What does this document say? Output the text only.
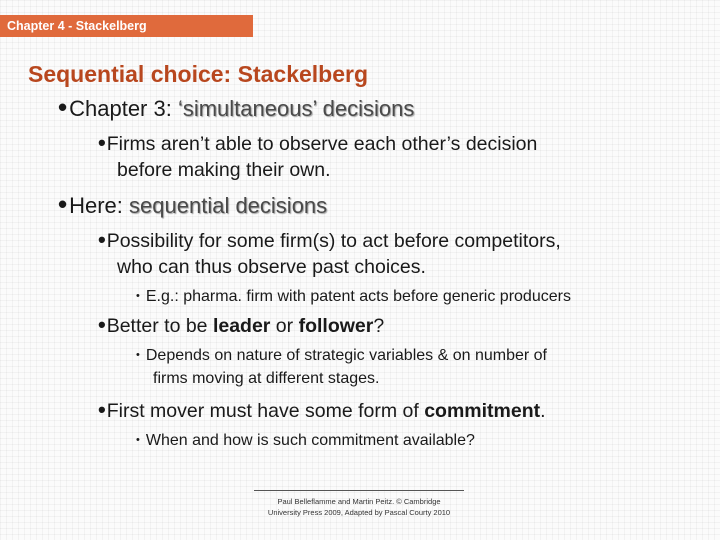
Chapter 4 - Stackelberg
Sequential choice: Stackelberg
•Chapter 3: ‘simultaneous’ decisions
•Firms aren’t able to observe each other’s decision
before making their own.
•Here: sequential decisions
•Possibility for some firm(s) to act before competitors,
who can thus observe past choices.
• E.g.: pharma. firm with patent acts before generic producers
•Better to be leader or follower?
• Depends on nature of strategic variables & on number of
firms moving at different stages.
•First mover must have some form of commitment.
• When and how is such commitment available?
Paul Belleflamme and Martin Peitz. © Cambridge
University Press 2009, Adapted by Pascal Courty 2010
